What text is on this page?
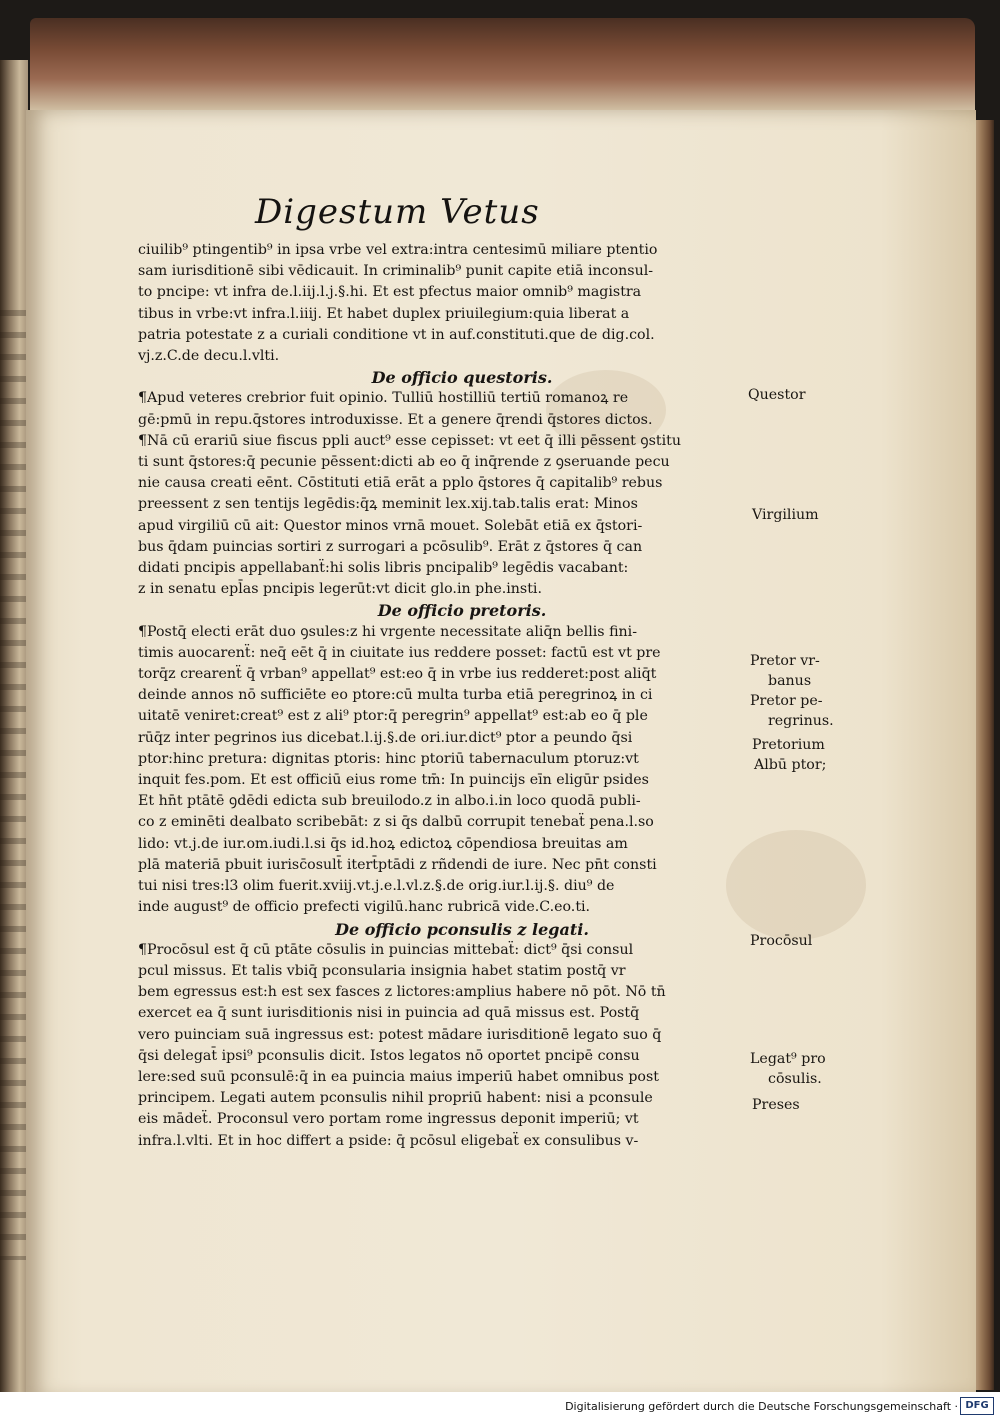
Digestum Vetus
ciuilib⁹ ptingentib⁹ in ipsa vrbe vel extra:intra centesimū miliare ptentio
sam iurisditionē sibi vēdicauit. In criminalib⁹ punit capite etiā inconsul-
to pncipe: vt infra de.l.iij.l.j.§.hi. Et est pfectus maior omnib⁹ magistra
tibus in vrbe:vt infra.l.iiij. Et habet duplex priuilegium:quia liberat a
patria potestate z a curiali conditione vt in auf.constituti.que de dig.col.
vj.z.C.de decu.l.vlti.
De officio questoris.
¶Apud veteres crebrior fuit opinio. Tulliū hostilliū tertiū romanoꝝ re
gē:pmū in repu.q̄stores introduxisse. Et a genere q̄rendi q̄stores dictos.
¶Nā cū erariū siue fiscus ppli auct⁹ esse cepisset: vt eet q̄ illi pēssent ꝯstitu
ti sunt q̄stores:q̄ pecunie pēssent:dicti ab eo q̄ inq̄rende z ꝯseruande pecu
nie causa creati eēnt. Cōstituti etiā erāt a pplo q̄stores q̄ capitalib⁹ rebus
preessent z sen tentijs legēdis:q̄ꝝ meminit lex.xij.tab.talis erat: Minos
apud virgiliū cū ait: Questor minos vrnā mouet. Solebāt etiā ex q̄stori-
bus q̄dam puincias sortiri z surrogari a pcōsulib⁹. Erāt z q̄stores q̄ can
didati pncipis appellabanẗ:hi solis libris pncipalib⁹ legēdis vacabant:
z in senatu epl̄as pncipis legerūt:vt dicit glo.in phe.insti.
De officio pretoris.
¶Postq̄ electi erāt duo ꝯsules:z hi vrgente necessitate aliq̄n bellis fini-
timis auocarenẗ: neq̄ eēt q̄ in ciuitate ius reddere posset: factū est vt pre
torq̄z crearenẗ q̄ vrban⁹ appellat⁹ est:eo q̄ in vrbe ius redderet:post aliq̄t
deinde annos nō sufficiēte eo ptore:cū multa turba etiā peregrinoꝝ in ci
uitatē veniret:creat⁹ est z ali⁹ ptor:q̄ peregrin⁹ appellat⁹ est:ab eo q̄ ple
rūq̄z inter pegrinos ius dicebat.l.ij.§.de ori.iur.dict⁹ ptor a peundo q̄si
ptor:hinc pretura: dignitas ptoris: hinc ptoriū tabernaculum ptoruz:vt
inquit fes.pom. Et est officiū eius rome tm̄: In puincijs eīn eligūr psides
Et hn̄t ptātē ꝯdēdi edicta sub breuilodo.z in albo.i.in loco quodā publi-
co z eminēti dealbato scribebāt: z si q̄s dalbū corrupit tenebaẗ pena.l.so
lido: vt.j.de iur.om.iudi.l.si q̄s id.hoꝝ edictoꝝ cōpendiosa breuitas am
plā materiā pbuit iurisc̄osult̄ itert̄ptādi z rñdendi de iure. Nec pn̄t consti
tui nisi tres:l3 olim fuerit.xviij.vt.j.e.l.vl.z.§.de orig.iur.l.ij.§. diu⁹ de
inde august⁹ de officio prefecti vigilū.hanc rubricā vide.C.eo.ti.
De officio pconsulis z legati.
¶Procōsul est q̄ cū ptāte cōsulis in puincias mittebaẗ: dict⁹ q̄si consul
pcul missus. Et talis vbiq̄ pconsularia insignia habet statim postq̄ vr
bem egressus est:h est sex fasces z lictores:amplius habere nō pōt. Nō tn̄
exercet ea q̄ sunt iurisditionis nisi in puincia ad quā missus est. Postq̄
vero puinciam suā ingressus est: potest mādare iurisditionē legato suo q̄
q̄si delegat̄ ipsi⁹ pconsulis dicit. Istos legatos nō oportet pncipē consu
lere:sed suū pconsulē:q̄ in ea puincia maius imperiū habet omnibus post
principem. Legati autem pconsulis nihil propriū habent: nisi a pconsule
eis mādeẗ. Proconsul vero portam rome ingressus deponit imperiū; vt
infra.l.vlti. Et in hoc differt a pside: q̄ pcōsul eligebaẗ ex consulibus v-
Questor
Virgilium
Pretor vr-
banus
Pretor pe-
regrinus.
Pretorium
Albū ptor;
Procōsul
Legat⁹ pro
cōsulis.
Preses
Digitalisierung gefördert durch die Deutsche Forschungsgemeinschaft · DFG
